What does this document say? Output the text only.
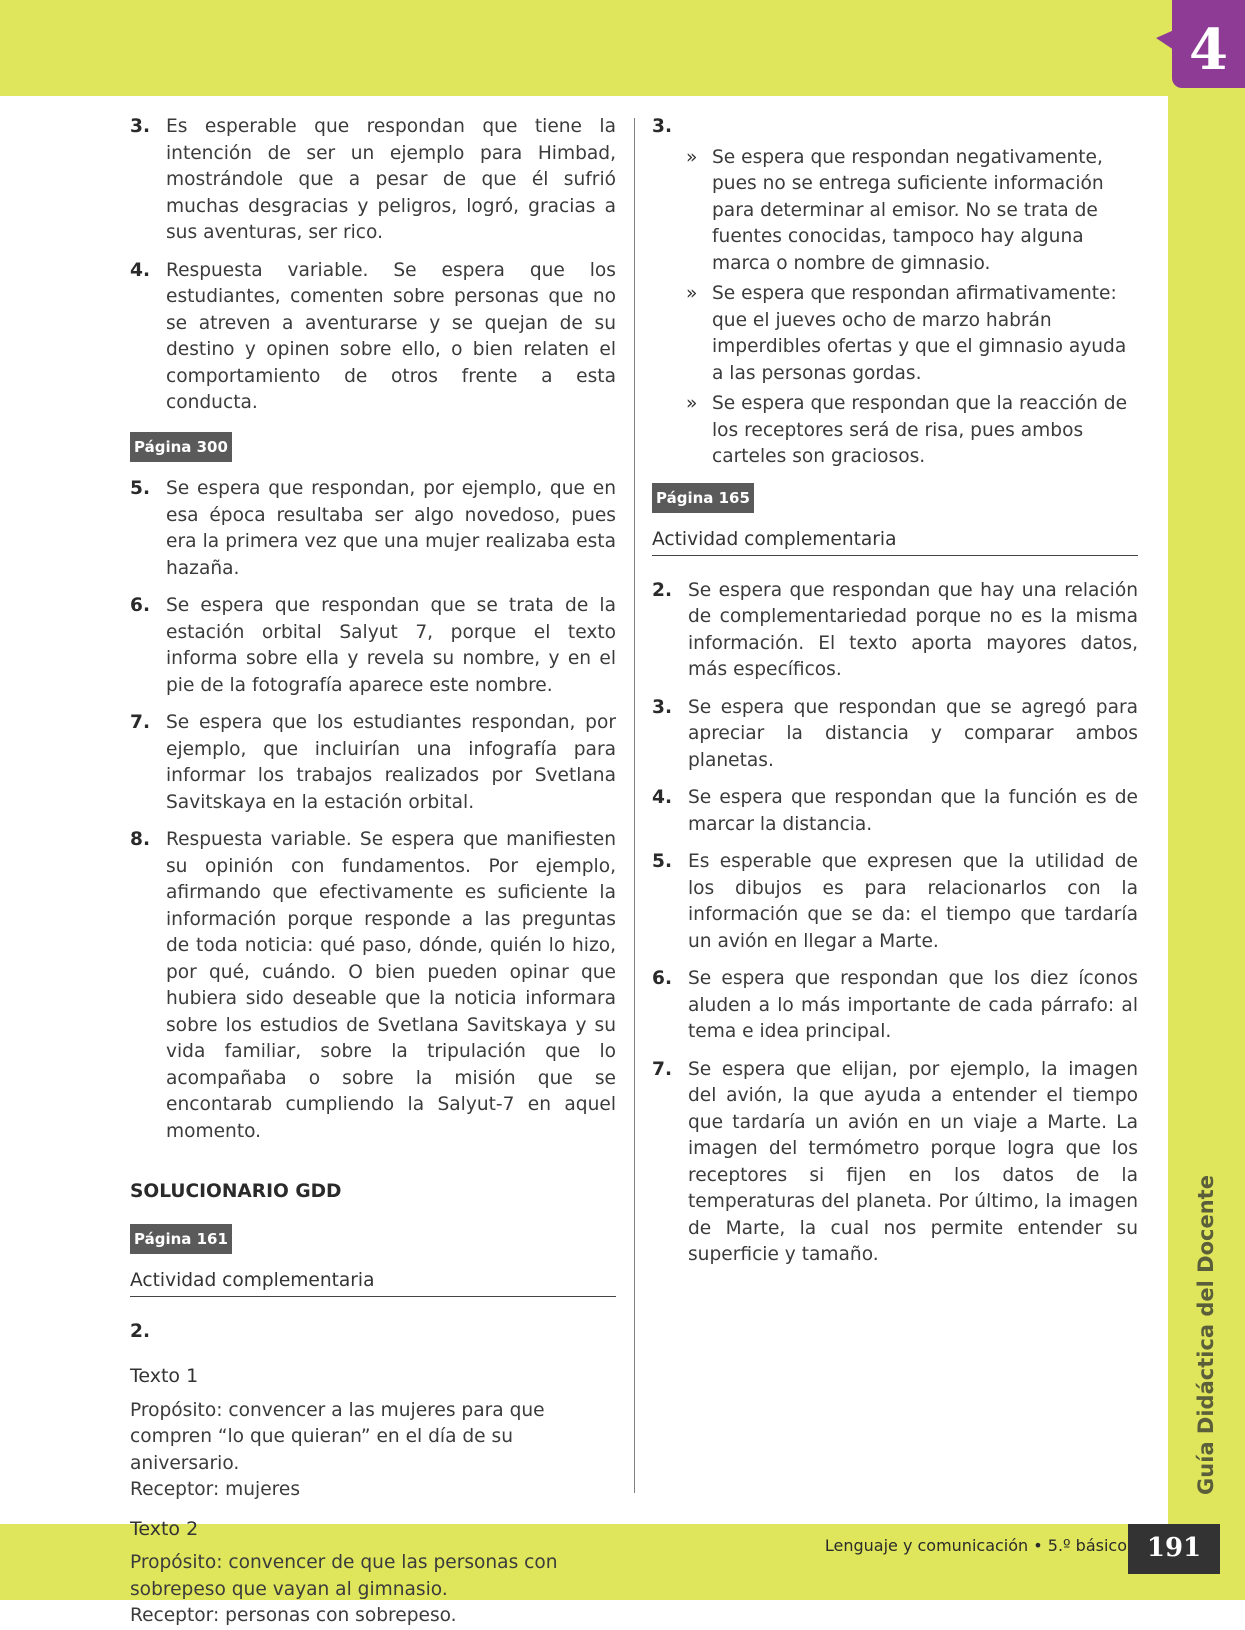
4
Guía Didáctica del Docente
Lenguaje y comunicación • 5.º básico 191
3. Es esperable que respondan que tiene la intención de ser un ejemplo para Himbad, mostrándole que a pesar de que él sufrió muchas desgracias y peligros, logró, gracias a sus aventuras, ser rico.
4. Respuesta variable. Se espera que los estudiantes, comenten sobre personas que no se atreven a aventurarse y se quejan de su destino y opinen sobre ello, o bien relaten el comportamiento de otros frente a esta conducta.
Página 300
5. Se espera que respondan, por ejemplo, que en esa época resultaba ser algo novedoso, pues era la primera vez que una mujer realizaba esta hazaña.
6. Se espera que respondan que se trata de la estación orbital Salyut 7, porque el texto informa sobre ella y revela su nombre, y en el pie de la fotografía aparece este nombre.
7. Se espera que los estudiantes respondan, por ejemplo, que incluirían una infografía para informar los trabajos realizados por Svetlana Savitskaya en la estación orbital.
8. Respuesta variable. Se espera que manifiesten su opinión con fundamentos. Por ejemplo, afirmando que efectivamente es suficiente la información porque responde a las preguntas de toda noticia: qué paso, dónde, quién lo hizo, por qué, cuándo. O bien pueden opinar que hubiera sido deseable que la noticia informara sobre los estudios de Svetlana Savitskaya y su vida familiar, sobre la tripulación que lo acompañaba o sobre la misión que se encontarab cumpliendo la Salyut-7 en aquel momento.
SOLUCIONARIO GDD
Página 161
Actividad complementaria
2.
Texto 1
Propósito: convencer a las mujeres para que compren “lo que quieran” en el día de su aniversario.
Receptor: mujeres
Texto 2
Propósito: convencer de que las personas con sobrepeso que vayan al gimnasio.
Receptor: personas con sobrepeso.
3.
» Se espera que respondan negativamente, pues no se entrega suficiente información para determinar al emisor. No se trata de fuentes conocidas, tampoco hay alguna marca o nombre de gimnasio.
» Se espera que respondan afirmativamente: que el jueves ocho de marzo habrán imperdibles ofertas y que el gimnasio ayuda a las personas gordas.
» Se espera que respondan que la reacción de los receptores será de risa, pues ambos carteles son graciosos.
Página 165
Actividad complementaria
2. Se espera que respondan que hay una relación de complementariedad porque no es la misma información. El texto aporta mayores datos, más específicos.
3. Se espera que respondan que se agregó para apreciar la distancia y comparar ambos planetas.
4. Se espera que respondan que la función es de marcar la distancia.
5. Es esperable que expresen que la utilidad de los dibujos es para relacionarlos con la información que se da: el tiempo que tardaría un avión en llegar a Marte.
6. Se espera que respondan que los diez íconos aluden a lo más importante de cada párrafo: al tema e idea principal.
7. Se espera que elijan, por ejemplo, la imagen del avión, la que ayuda a entender el tiempo que tardaría un avión en un viaje a Marte. La imagen del termómetro porque logra que los receptores si fijen en los datos de la temperaturas del planeta. Por último, la imagen de Marte, la cual nos permite entender su superficie y tamaño.
